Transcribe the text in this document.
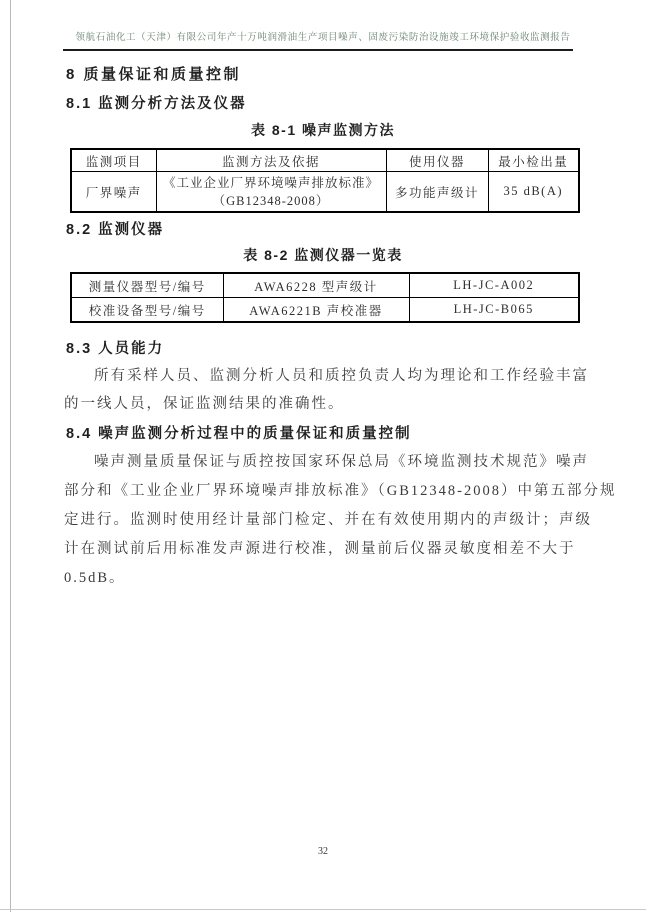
领航石油化工（天津）有限公司年产十万吨润滑油生产项目噪声、固废污染防治设施竣工环境保护验收监测报告
8 质量保证和质量控制
8.1 监测分析方法及仪器
表 8-1 噪声监测方法
监测项目	监测方法及依据	使用仪器	最小检出量
厂界噪声	《工业企业厂界环境噪声排放标准》
（GB12348-2008）	多功能声级计	35 dB(A)
8.2 监测仪器
表 8-2 监测仪器一览表
测量仪器型号/编号	AWA6228 型声级计	LH-JC-A002
校准设备型号/编号	AWA6221B 声校准器	LH-JC-B065
8.3 人员能力
所有采样人员、监测分析人员和质控负责人均为理论和工作经验丰富
的一线人员，保证监测结果的准确性。
8.4 噪声监测分析过程中的质量保证和质量控制
噪声测量质量保证与质控按国家环保总局《环境监测技术规范》噪声
部分和《工业企业厂界环境噪声排放标准》（GB12348-2008）中第五部分规
定进行。监测时使用经计量部门检定、并在有效使用期内的声级计；声级
计在测试前后用标准发声源进行校准，测量前后仪器灵敏度相差不大于
0.5dB。
32
